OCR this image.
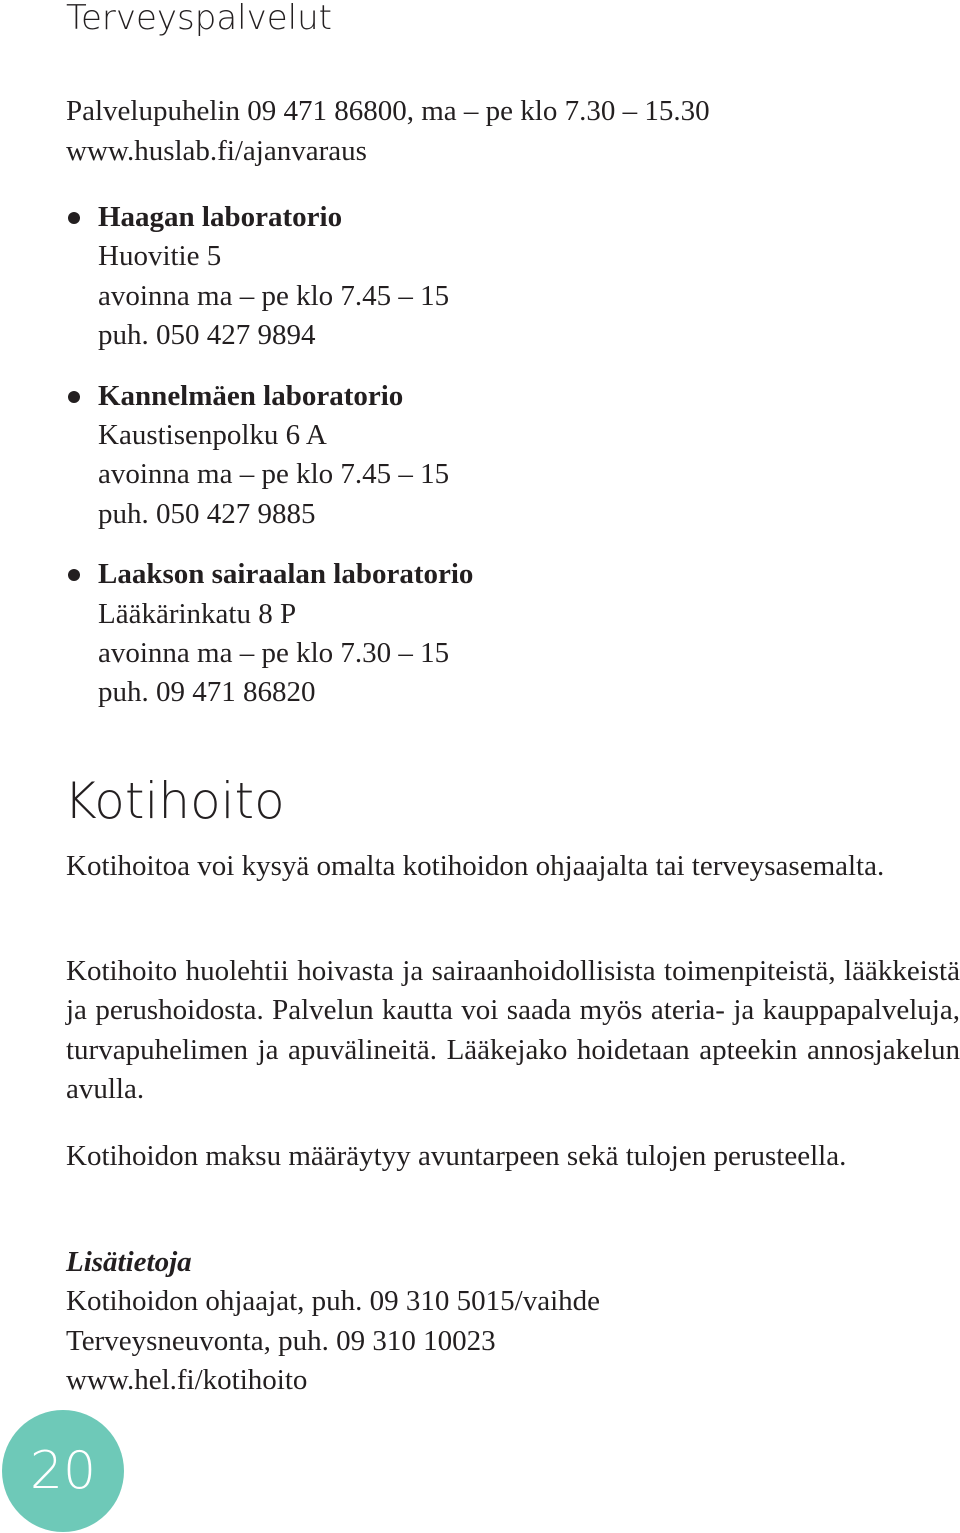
Terveyspalvelut
Palvelupuhelin 09 471 86800, ma – pe klo 7.30 – 15.30
www.huslab.fi/ajanvaraus
Haagan laboratorio
Huovitie 5
avoinna ma – pe klo 7.45 – 15
puh. 050 427 9894
Kannelmäen laboratorio
Kaustisenpolku 6 A
avoinna ma – pe klo 7.45 – 15
puh. 050 427 9885
Laakson sairaalan laboratorio
Lääkärinkatu 8 P
avoinna ma – pe klo 7.30 – 15
puh. 09 471 86820
Kotihoito

Kotihoitoa voi kysyä omalta kotihoidon ohjaajalta tai terveysasemalta.

Kotihoito huolehtii hoivasta ja sairaanhoidollisista toimenpiteistä, lääkkeistä ja perushoidosta. Palvelun kautta voi saada myös ateria- ja kauppapalveluja, turvapuhelimen ja apuvälineitä. Lääkejako hoidetaan apteekin annosjakelun avulla.

Kotihoidon maksu määräytyy avuntarpeen sekä tulojen perusteella.

Lisätietoja
Kotihoidon ohjaajat, puh. 09 310 5015/vaihde
Terveysneuvonta, puh. 09 310 10023
www.hel.fi/kotihoito
20
